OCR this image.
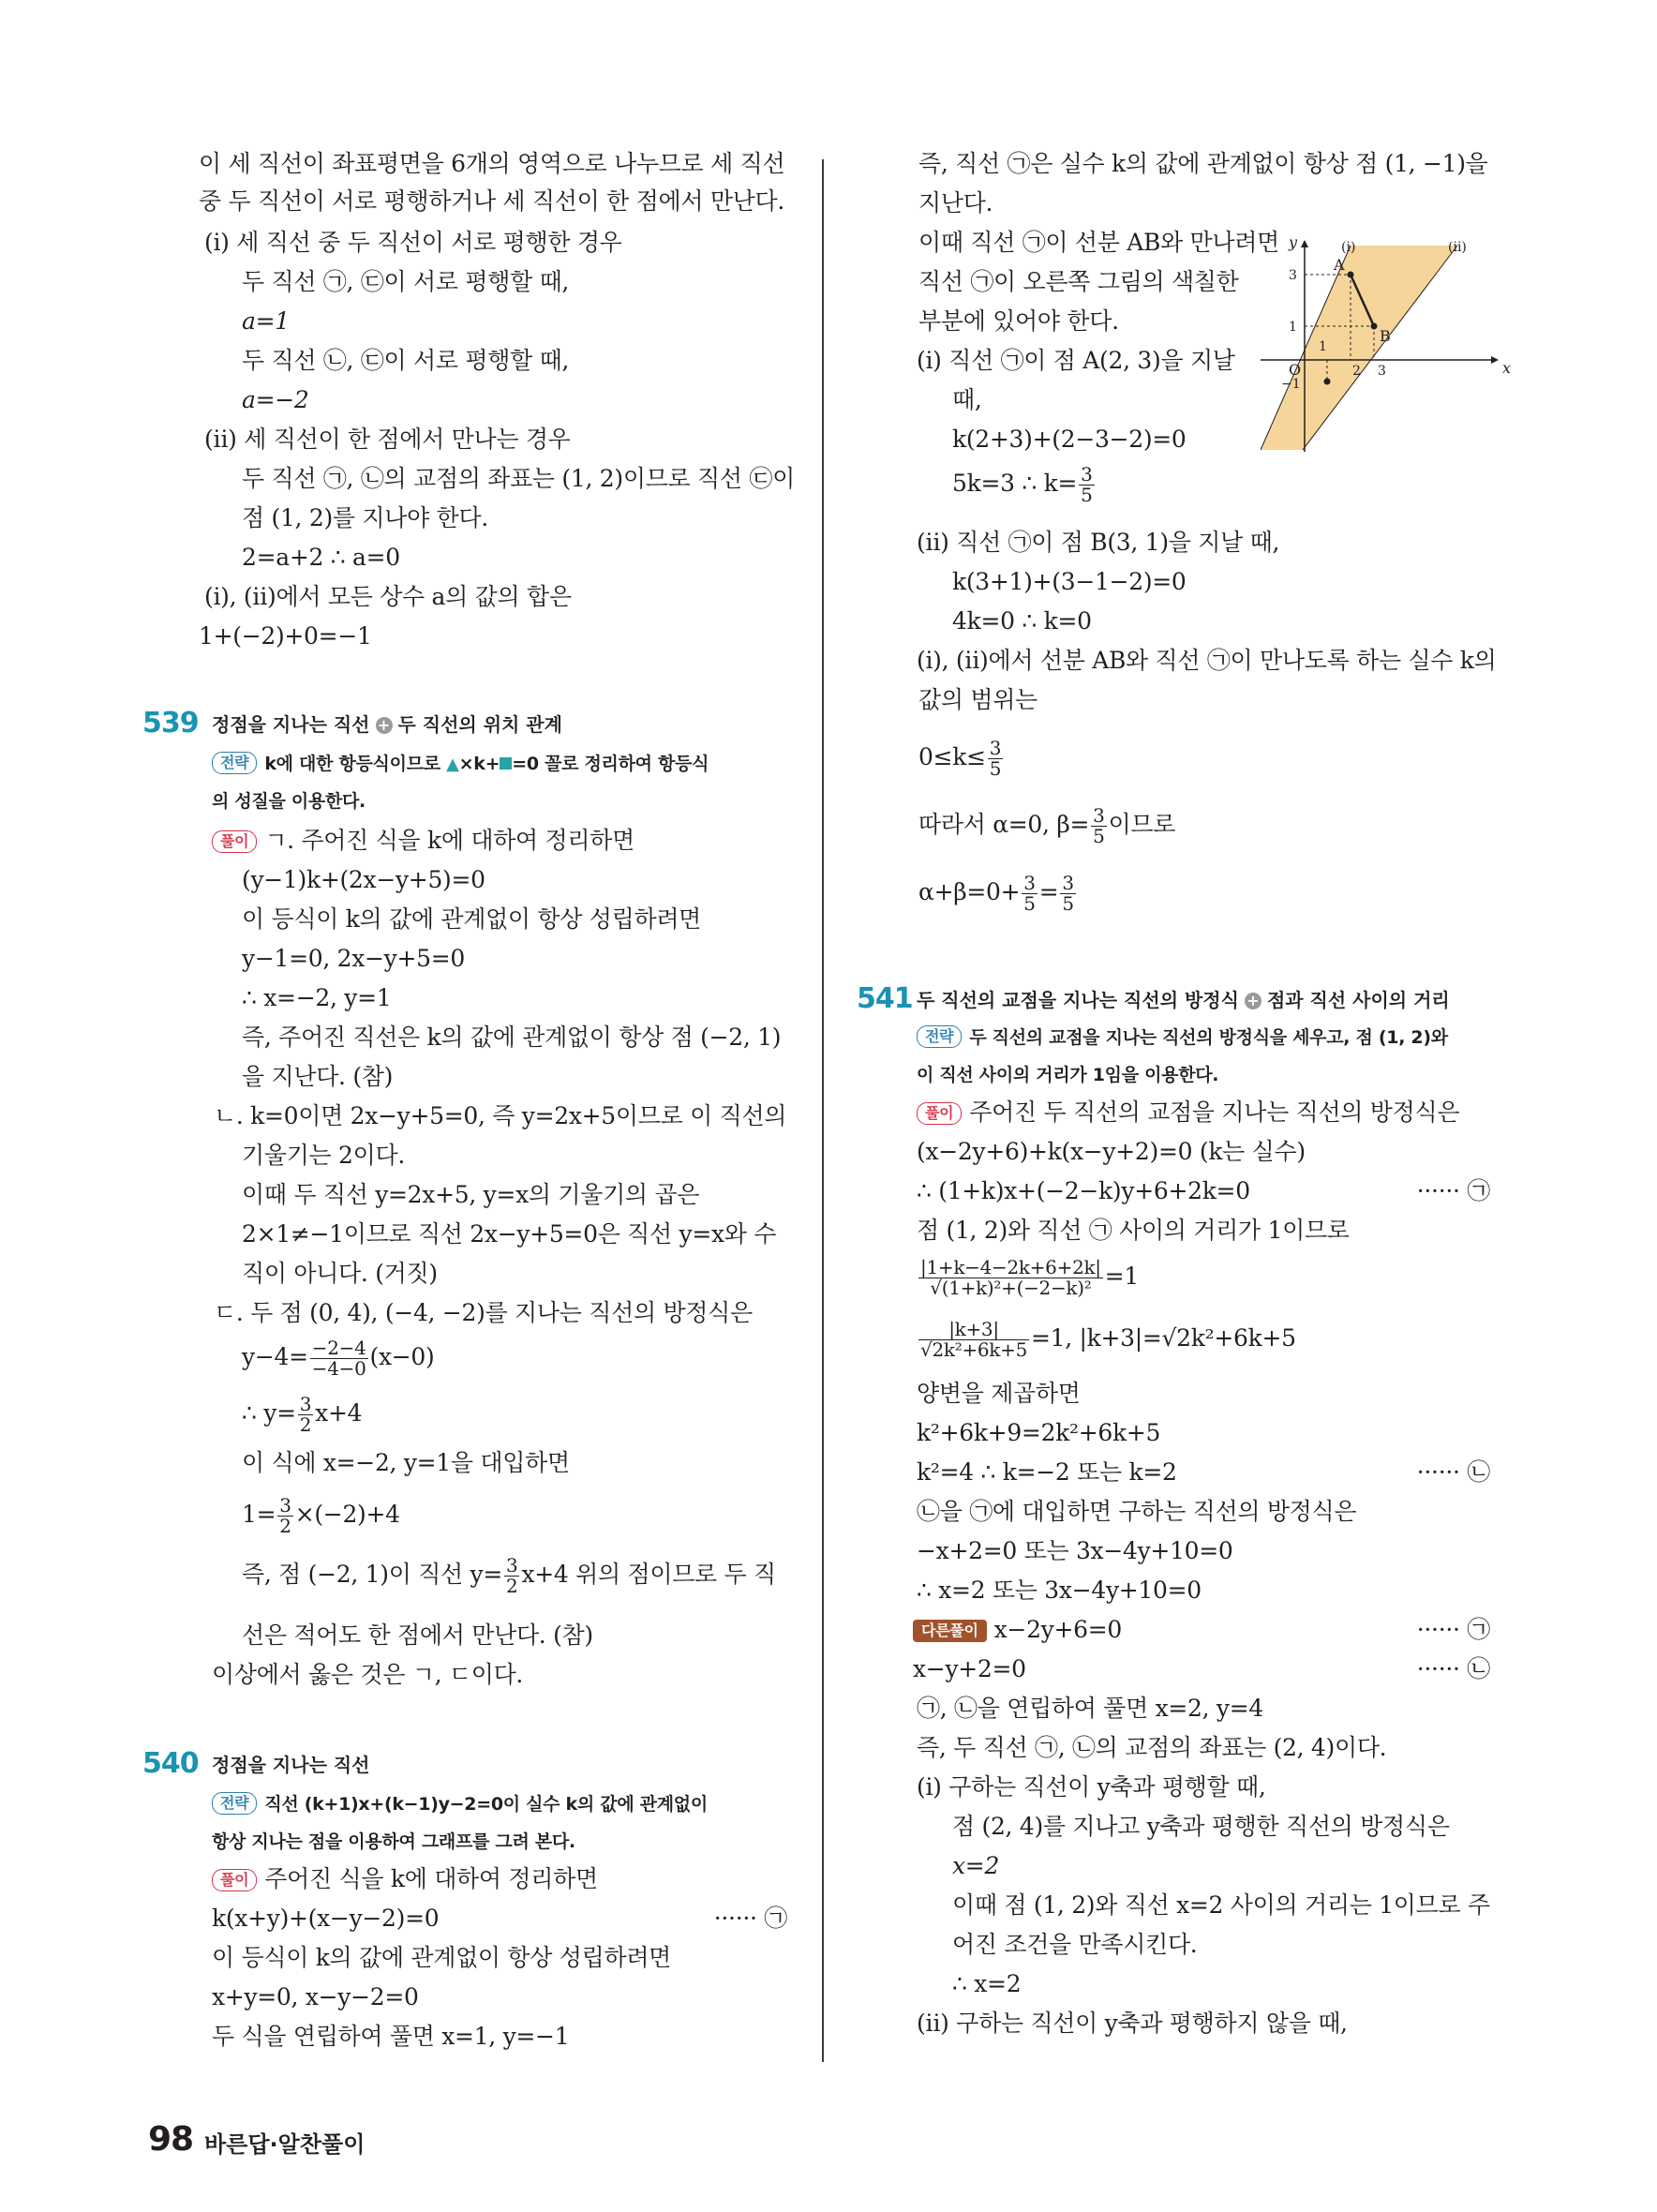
이 세 직선이 좌표평면을 6개의 영역으로 나누므로 세 직선
중 두 직선이 서로 평행하거나 세 직선이 한 점에서 만난다.
(ⅰ) 세 직선 중 두 직선이 서로 평행한 경우
두 직선 ㉠, ㉢이 서로 평행할 때,
a=1
두 직선 ㉡, ㉢이 서로 평행할 때,
a=−2
(ⅱ) 세 직선이 한 점에서 만나는 경우
두 직선 ㉠, ㉡의 교점의 좌표는 (1, 2)이므로 직선 ㉢이
점 (1, 2)를 지나야 한다.
2=a+2 ∴ a=0
(ⅰ), (ⅱ)에서 모든 상수 a의 값의 합은
1+(−2)+0=−1
539 정점을 지나는 직선 + 두 직선의 위치 관계
전략 k에 대한 항등식이므로 ▲×k+ =0 꼴로 정리하여 항등식
의 성질을 이용한다.
풀이 ㄱ. 주어진 식을 k에 대하여 정리하면
(y−1)k+(2x−y+5)=0
이 등식이 k의 값에 관계없이 항상 성립하려면
y−1=0, 2x−y+5=0
∴ x=−2, y=1
즉, 주어진 직선은 k의 값에 관계없이 항상 점 (−2, 1)
을 지난다. (참)
ㄴ. k=0이면 2x−y+5=0, 즉 y=2x+5이므로 이 직선의
기울기는 2이다.
이때 두 직선 y=2x+5, y=x의 기울기의 곱은
2×1≠−1이므로 직선 2x−y+5=0은 직선 y=x와 수
직이 아니다. (거짓)
ㄷ. 두 점 (0, 4), (−4, −2)를 지나는 직선의 방정식은
$y-4= \frac{-2-4}{-4-0} (x-0)$
∴ $y= \frac{3}{2} x+4$
이 식에 x=−2, y=1을 대입하면
$1= \frac{3}{2} \times(-2)+4$
즉, 점 (−2, 1)이 직선 $y= \frac{3}{2} x+4$ 위의 점이므로 두 직
선은 적어도 한 점에서 만난다. (참)
이상에서 옳은 것은 ㄱ, ㄷ이다.
540 정점을 지나는 직선
전략 직선 (k+1)x+(k−1)y−2=0이 실수 k의 값에 관계없이
항상 지나는 점을 이용하여 그래프를 그려 본다.
풀이 주어진 식을 k에 대하여 정리하면
k(x+y)+(x−y−2)=0	······ ㉠
이 등식이 k의 값에 관계없이 항상 성립하려면
x+y=0, x−y−2=0
두 식을 연립하여 풀면 x=1, y=−1
즉, 직선 ㉠은 실수 k의 값에 관계없이 항상 점 (1, −1)을
지난다.
이때 직선 ㉠이 선분 AB와 만나려면
직선 ㉠이 오른쪽 그림의 색칠한
부분에 있어야 한다.
(ⅰ) 직선 ㉠이 점 A(2, 3)을 지날
때,
k(2+3)+(2−3−2)=0
5k=3 ∴ $k= \frac{3}{5}$
(ⅱ) 직선 ㉠이 점 B(3, 1)을 지날 때,
k(3+1)+(3−1−2)=0
4k=0 ∴ k=0
(ⅰ), (ⅱ)에서 선분 AB와 직선 ㉠이 만나도록 하는 실수 k의
값의 범위는
$0\le k\le \frac{3}{5}$
따라서 α=0, $\beta= \frac{3}{5}$ 이므로
$\alpha+\beta=0+ \frac{3}{5} = \frac{3}{5}$
541 두 직선의 교점을 지나는 직선의 방정식 + 점과 직선 사이의 거리
전략 두 직선의 교점을 지나는 직선의 방정식을 세우고, 점 (1, 2)와
이 직선 사이의 거리가 1임을 이용한다.
풀이 주어진 두 직선의 교점을 지나는 직선의 방정식은
(x−2y+6)+k(x−y+2)=0 (k는 실수)
∴ (1+k)x+(−2−k)y+6+2k=0	······ ㉠
점 (1, 2)와 직선 ㉠ 사이의 거리가 1이므로
$\frac{|1+k-4-2k+6+2k|}{\text{√(1+k)²+(−2−k)²}} =1$
$\frac{|k+3|}{\text{√2k²+6k+5}} =1$, |k+3|=√2k²+6k+5
양변을 제곱하면
k²+6k+9=2k²+6k+5
k²=4 ∴ k=−2 또는 k=2	······ ㉡
㉡을 ㉠에 대입하면 구하는 직선의 방정식은
−x+2=0 또는 3x−4y+10=0
∴ x=2 또는 3x−4y+10=0
다른풀이 x−2y+6=0	······ ㉠
x−y+2=0	······ ㉡
㉠, ㉡을 연립하여 풀면 x=2, y=4
즉, 두 직선 ㉠, ㉡의 교점의 좌표는 (2, 4)이다.
(ⅰ) 구하는 직선이 y축과 평행할 때,
점 (2, 4)를 지나고 y축과 평행한 직선의 방정식은
x=2
이때 점 (1, 2)와 직선 x=2 사이의 거리는 1이므로 주
어진 조건을 만족시킨다.
∴ x=2
(ⅱ) 구하는 직선이 y축과 평행하지 않을 때,
y
x
O
(ⅰ)	(ⅱ)
A
B
3
1
−1
1
2 3
98 바른답·알찬풀이
